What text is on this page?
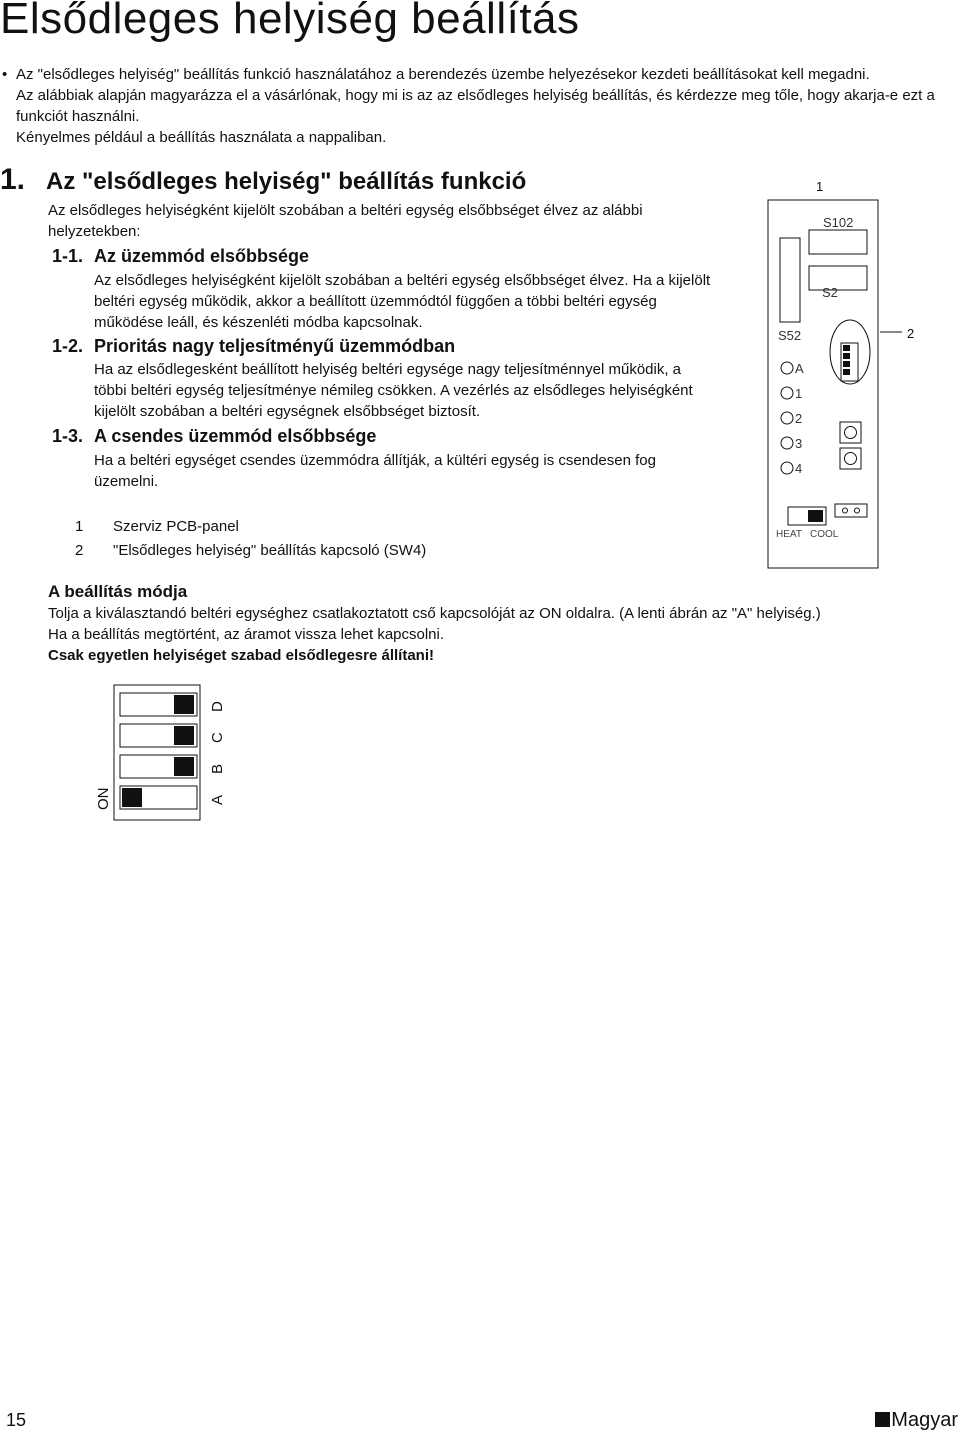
Elsődleges helyiség beállítás
• Az "elsődleges helyiség" beállítás funkció használatához a berendezés üzembe helyezésekor kezdeti beállításokat kell megadni.

Az alábbiak alapján magyarázza el a vásárlónak, hogy mi is az az elsődleges helyiség beállítás, és kérdezze meg tőle, hogy akarja-e ezt a funkciót használni.

Kényelmes például a beállítás használata a nappaliban.

1. Az "elsődleges helyiség" beállítás funkció
Az elsődleges helyiségként kijelölt szobában a beltéri egység elsőbbséget élvez az alábbi helyzetekben:
1-1. Az üzemmód elsőbbsége
Az elsődleges helyiségként kijelölt szobában a beltéri egység elsőbbséget élvez. Ha a kijelölt beltéri egység működik, akkor a beállított üzemmódtól függően a többi beltéri egység működése leáll, és készenléti módba kapcsolnak.
1-2. Prioritás nagy teljesítményű üzemmódban
Ha az elsődlegesként beállított helyiség beltéri egysége nagy teljesítménnyel működik, a többi beltéri egység teljesítménye némileg csökken. A vezérlés az elsődleges helyiségként kijelölt szobában a beltéri egységnek elsőbbséget biztosít.
1-3. A csendes üzemmód elsőbbsége
Ha a beltéri egységet csendes üzemmódra állítják, a kültéri egység is csendesen fog üzemelni.
1
2
S102
S2
S52
A
1
2
3
4
HEAT COOL
1 Szerviz PCB-panel
2 "Elsődleges helyiség" beállítás kapcsoló (SW4)
A beállítás módja

Tolja a kiválasztandó beltéri egységhez csatlakoztatott cső kapcsolóját az ON oldalra. (A lenti ábrán az "A" helyiség.)

Ha a beállítás megtörtént, az áramot vissza lehet kapcsolni.

Csak egyetlen helyiséget szabad elsődlegesre állítani!

ON	A
B
C
D
15	Magyar
